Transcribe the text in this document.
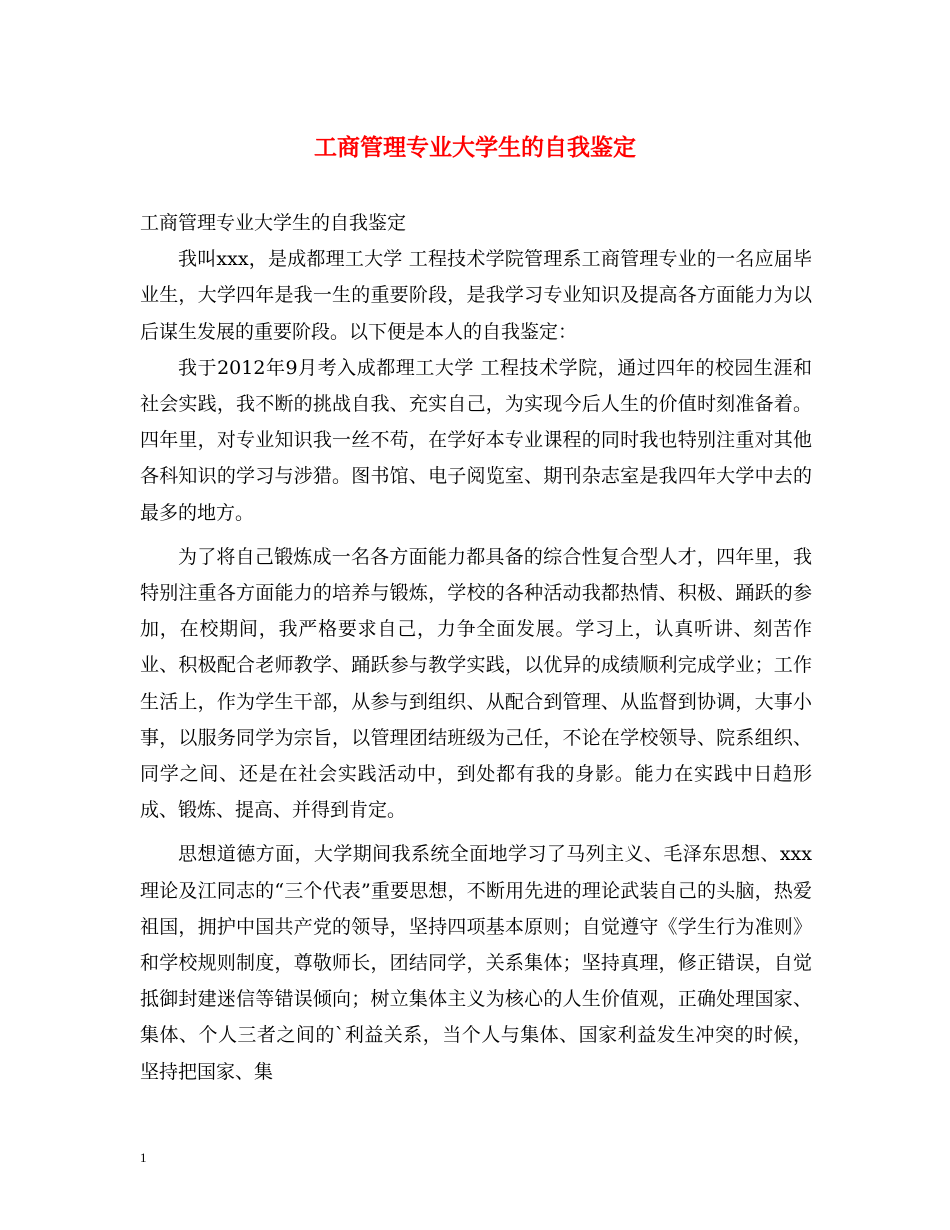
工商管理专业大学生的自我鉴定

工商管理专业大学生的自我鉴定

我叫xxx，是成都理工大学 工程技术学院管理系工商管理专业的一名应届毕业生，大学四年是我一生的重要阶段，是我学习专业知识及提高各方面能力为以后谋生发展的重要阶段。以下便是本人的自我鉴定：

我于2012年9月考入成都理工大学 工程技术学院，通过四年的校园生涯和社会实践，我不断的挑战自我、充实自己，为实现今后人生的价值时刻准备着。四年里，对专业知识我一丝不苟，在学好本专业课程的同时我也特别注重对其他各科知识的学习与涉猎。图书馆、电子阅览室、期刊杂志室是我四年大学中去的最多的地方。

为了将自己锻炼成一名各方面能力都具备的综合性复合型人才，四年里，我特别注重各方面能力的培养与锻炼，学校的各种活动我都热情、积极、踊跃的参加，在校期间，我严格要求自己，力争全面发展。学习上，认真听讲、刻苦作业、积极配合老师教学、踊跃参与教学实践，以优异的成绩顺利完成学业；工作生活上，作为学生干部，从参与到组织、从配合到管理、从监督到协调，大事小事，以服务同学为宗旨，以管理团结班级为己任，不论在学校领导、院系组织、同学之间、还是在社会实践活动中，到处都有我的身影。能力在实践中日趋形成、锻炼、提高、并得到肯定。

思想道德方面，大学期间我系统全面地学习了马列主义、毛泽东思想、xxx理论及江同志的“三个代表”重要思想，不断用先进的理论武装自己的头脑，热爱祖国，拥护中国共产党的领导，坚持四项基本原则；自觉遵守《学生行为准则》和学校规则制度，尊敬师长，团结同学，关系集体；坚持真理，修正错误，自觉抵御封建迷信等错误倾向；树立集体主义为核心的人生价值观，正确处理国家、集体、个人三者之间的`利益关系，当个人与集体、国家利益发生冲突的时候，坚持把国家、集

1
